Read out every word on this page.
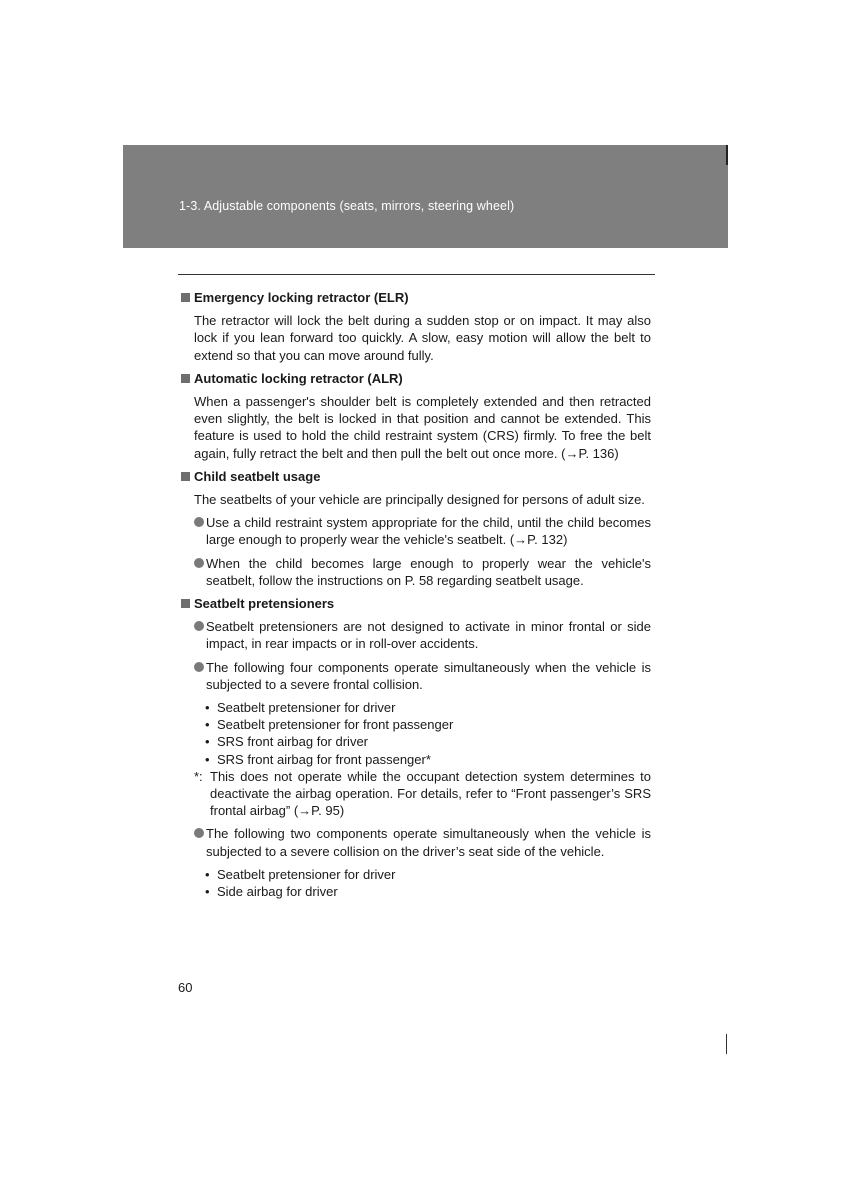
1-3. Adjustable components (seats, mirrors, steering wheel)
Emergency locking retractor (ELR)
The retractor will lock the belt during a sudden stop or on impact. It may also lock if you lean forward too quickly. A slow, easy motion will allow the belt to extend so that you can move around fully.
Automatic locking retractor (ALR)
When a passenger's shoulder belt is completely extended and then retracted even slightly, the belt is locked in that position and cannot be extended. This feature is used to hold the child restraint system (CRS) firmly. To free the belt again, fully retract the belt and then pull the belt out once more. (→P. 136)
Child seatbelt usage
The seatbelts of your vehicle are principally designed for persons of adult size.
Use a child restraint system appropriate for the child, until the child becomes large enough to properly wear the vehicle's seatbelt. (→P. 132)
When the child becomes large enough to properly wear the vehicle's seatbelt, follow the instructions on P. 58 regarding seatbelt usage.
Seatbelt pretensioners
Seatbelt pretensioners are not designed to activate in minor frontal or side impact, in rear impacts or in roll-over accidents.
The following four components operate simultaneously when the vehicle is subjected to a severe frontal collision.
• Seatbelt pretensioner for driver
• Seatbelt pretensioner for front passenger
• SRS front airbag for driver
• SRS front airbag for front passenger*
*: This does not operate while the occupant detection system determines to deactivate the airbag operation. For details, refer to “Front passenger’s SRS frontal airbag” (→P. 95)
The following two components operate simultaneously when the vehicle is subjected to a severe collision on the driver’s seat side of the vehicle.
• Seatbelt pretensioner for driver
• Side airbag for driver
60
